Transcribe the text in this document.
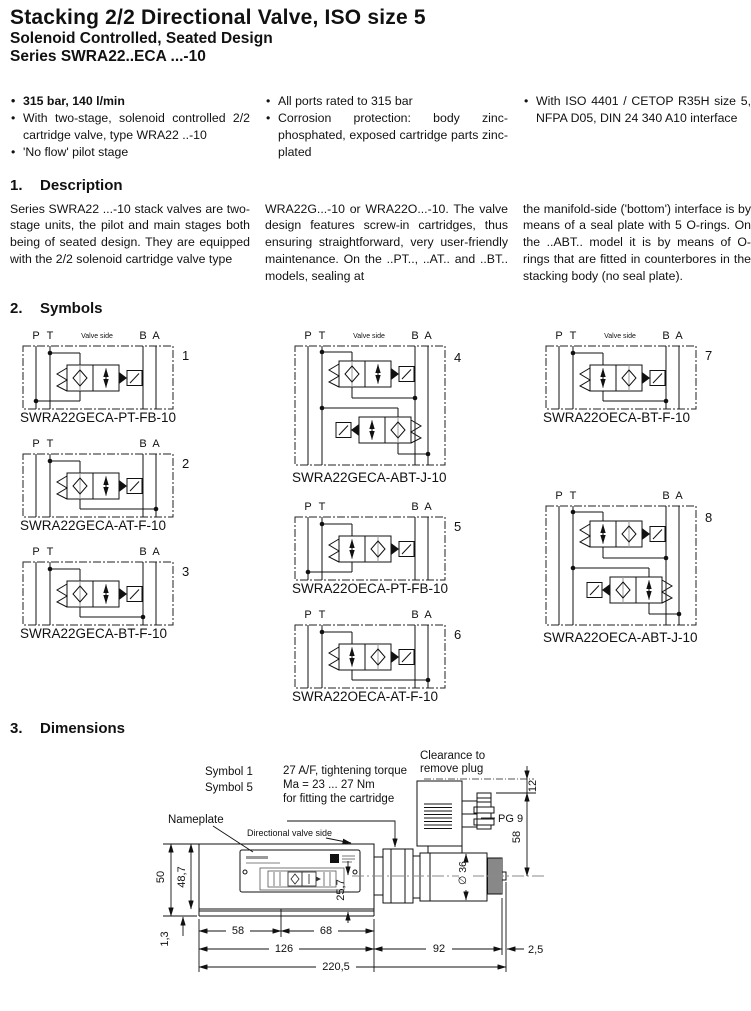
Stacking 2/2 Directional Valve, ISO size 5
Solenoid Controlled, Seated Design
Series SWRA22..ECA ...-10
• 315 bar, 140 l/min
• With two-stage, solenoid controlled 2/2 cartridge valve, type WRA22 ..-10
• 'No flow' pilot stage
• All ports rated to 315 bar
• Corrosion protection: body zinc-phosphated, exposed cartridge parts zinc-plated
• With ISO 4401 / CETOP R35H size 5, NFPA D05, DIN 24 340 A10 interface
1.	Description

Series SWRA22 ...-10 stack valves are two-stage units, the pilot and main stages both being of seated design. They are equipped with the 2/2 solenoid cartridge valve type

WRA22G...-10 or WRA22O...-10. The valve design features screw-in cartridges, thus ensuring straightforward, very user-friendly maintenance. On the ..PT.., ..AT.. and ..BT.. models, sealing at

the manifold-side ('bottom') interface is by means of a seal plate with 5 O-rings. On the ..ABT.. model it is by means of O-rings that are fitted in counterbores in the stacking body (no seal plate).

2.	Symbols
P T	B A
Valve side
1
SWRA22GECA-PT-FB-10
P T	B A
2
SWRA22GECA-AT-F-10
P T	B A
3
SWRA22GECA-BT-F-10
P T	B A
Valve side
4
SWRA22GECA-ABT-J-10
P T	B A
5
SWRA22OECA-PT-FB-10
P T	B A
6
SWRA22OECA-AT-F-10
P T	B A
Valve side
7
SWRA22OECA-BT-F-10
P T	B A
8
SWRA22OECA-ABT-J-10
3.	Dimensions
Symbol 1
Symbol 5
27 A/F, tightening torque
Ma = 23 ... 27 Nm
for fitting the cartridge
Clearance to
remove plug
Nameplate
Directional valve side
PG 9
12
58
∅ 36
25,7
50 48,7
1,3
58	68
126	92	2,5
220,5
